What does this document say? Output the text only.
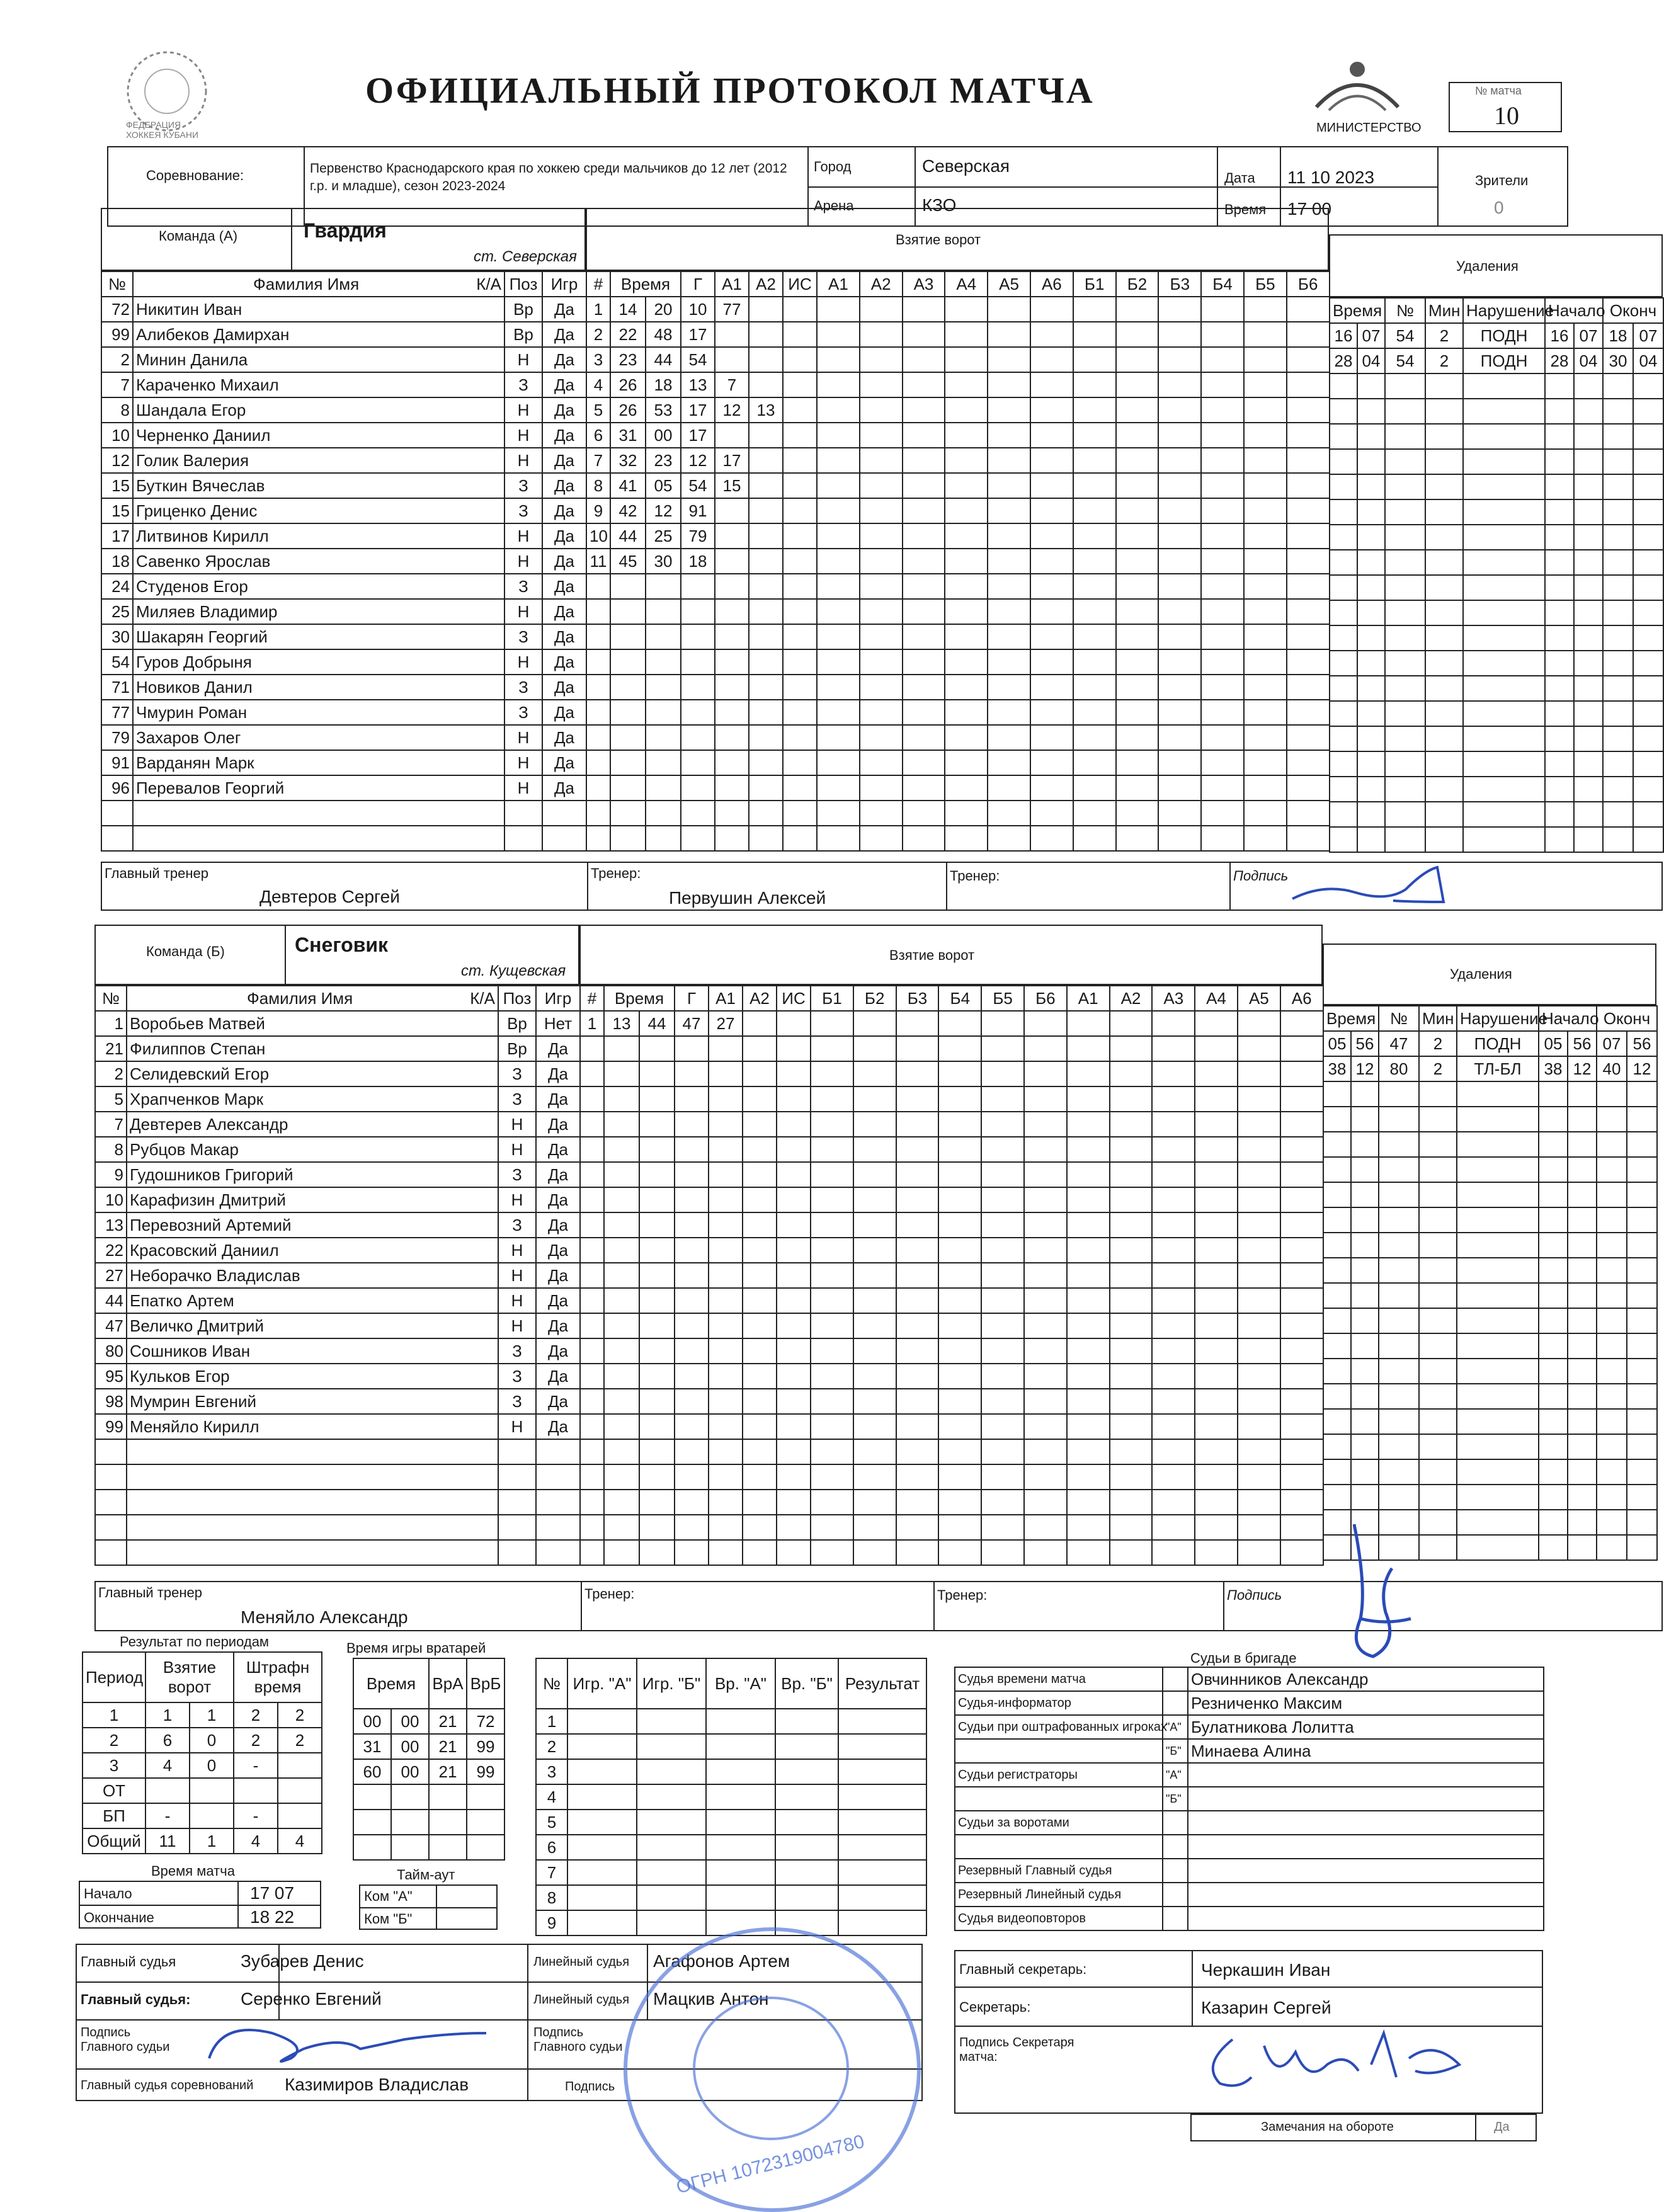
ФЕДЕРАЦИЯ ХОККЕЯ КУБАНИ
ОФИЦИАЛЬНЫЙ ПРОТОКОЛ МАТЧА
МИНИСТЕРСТВО
№ матча
10
Соревнование:	Первенство Краснодарского края по хоккею среди мальчиков до 12 лет (2012 г.р. и младше), сезон 2023-2024
Город	Северская
Арена	КЗО
Дата 11 10 2023
Время 17 00
Зрители
0
Команда (А)	Гвардия
ст. Северская
№	Фамилия Имя К/А		Поз	Игр
72	Никитин Иван		Вр	Да
99	Алибеков Дамирхан		Вр	Да
2	Минин Данила		Н	Да
7	Караченко Михаил		З	Да
8	Шандала Егор		Н	Да
10	Черненко Даниил		Н	Да
12	Голик Валерия		Н	Да
15	Буткин Вячеслав		З	Да
15	Гриценко Денис		З	Да
17	Литвинов Кирилл		Н	Да
18	Савенко Ярослав		Н	Да
24	Студенов Егор		З	Да
25	Миляев Владимир		Н	Да
30	Шакарян Георгий		З	Да
54	Гуров Добрыня		Н	Да
71	Новиков Данил		З	Да
77	Чмурин Роман		З	Да
79	Захаров Олег		Н	Да
91	Варданян Марк		Н	Да
96	Перевалов Георгий		Н	Да

Взятие ворот
#	Время		Г	А1	А2	ИС	А1	А2	А3	А4	А5	А6	Б1	Б2	Б3	Б4	Б5	Б6
1	14	20	10	77														
2	22	48	17															
3	23	44	54															
4	26	18	13	7														
5	26	53	17	12	13													
6	31	00	17															
7	32	23	12	17														
8	41	05	54	15														
9	42	12	91															
10	44	25	79															
11	45	30	18															

Удаления
Время		№	Мин	Нарушение	Начало		Оконч	
16	07	54	2	ПОДН	16	07	18	07
28	04	54	2	ПОДН	28	04	30	04

Главный тренер
Девтеров Сергей
Тренер:
Первушин Алексей
Тренер:	Подпись
Команда (Б)	Снеговик
ст. Кущевская
№	Фамилия Имя К/А		Поз	Игр
1	Воробьев Матвей		Вр	Нет
21	Филиппов Степан		Вр	Да
2	Селидевский Егор		З	Да
5	Храпченков Марк		З	Да
7	Девтерев Александр		Н	Да
8	Рубцов Макар		Н	Да
9	Гудошников Григорий		З	Да
10	Карафизин Дмитрий		Н	Да
13	Перевозний Артемий		З	Да
22	Красовский Даниил		Н	Да
27	Неборачко Владислав		Н	Да
44	Епатко Артем		Н	Да
47	Величко Дмитрий		Н	Да
80	Сошников Иван		З	Да
95	Кульков Егор		З	Да
98	Мумрин Евгений		З	Да
99	Меняйло Кирилл		Н	Да

Взятие ворот
#	Время		Г	А1	А2	ИС	Б1	Б2	Б3	Б4	Б5	Б6	А1	А2	А3	А4	А5	А6
1	13	44	47	27														

Удаления
Время		№	Мин	Нарушение	Начало		Оконч	
05	56	47	2	ПОДН	05	56	07	56
38	12	80	2	ТЛ-БЛ	38	12	40	12

Главный тренер
Меняйло Александр
Тренер:	Тренер:	Подпись
Результат по периодам
Период	Взятие ворот		Штрафн время	
1	1	1	2	2
2	6	0	2	2
3	4	0	-	
ОТ				
БП	-		-	
Общий	11	1	4	4
Время игры вратарей
Время		ВрА	ВрБ
00	00	21	72
31	00	21	99
60	00	21	99

№	Игр. "А"	Игр. "Б"	Вр. "А"	Вр. "Б"	Результат
1					
2					
3					
4					
5					
6					
7					
8					
9					
Время матча
Начало	17 07
Окончание	18 22
Тайм-аут
Ком "А"
Ком "Б"
Судьи в бригаде
Судья времени матча		Овчинников Александр
Судья-информатор		Резниченко Максим
Судьи при оштрафованных игроках	"А"	Булатникова Лолитта
	"Б"	Минаева Алина
Судьи регистраторы	"А"	
	"Б"	
Судьи за воротами		

Резервный Главный судья		
Резервный Линейный судья		
Судья видеоповторов		
Главный судья	Зубарев Денис
Главный судья:	Серенко Евгений
Линейный судья Агафонов Артем
Линейный судья Мацкив Антон
Подпись Главного судьи
Подпись Главного судьи
Главный судья соревнований Казимиров Владислав	Подпись
Главный секретарь:	Черкашин Иван
Секретарь:	Казарин Сергей
Подпись Секретаря матча:
Замечания на обороте	Да
ОГРН 1072319004780
